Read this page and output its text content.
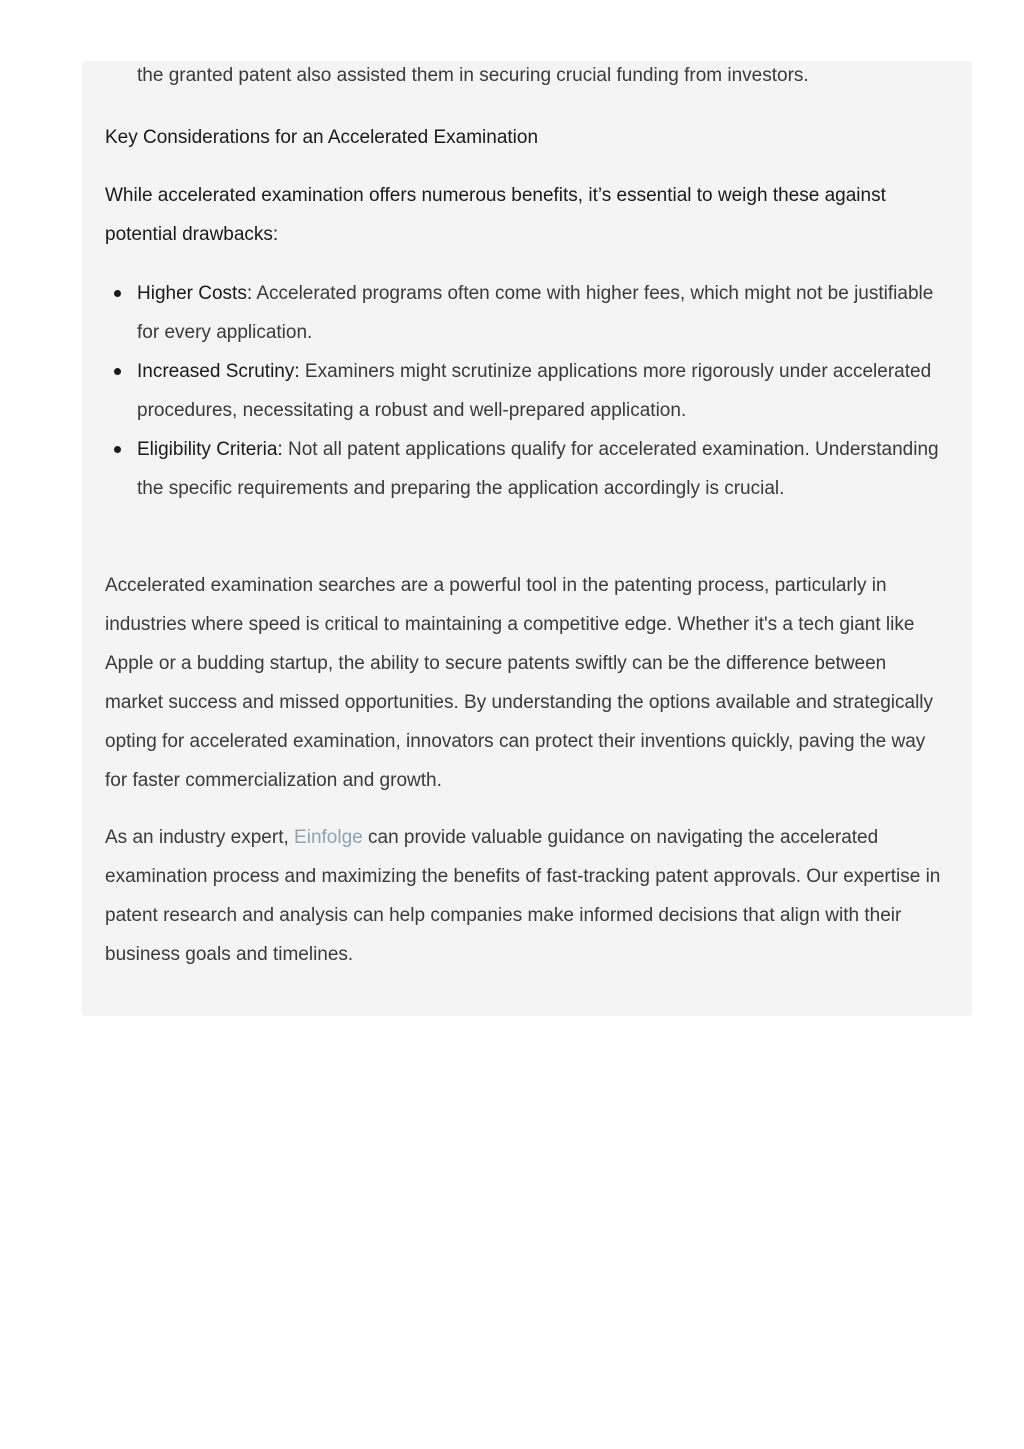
the granted patent also assisted them in securing crucial funding from investors.
Key Considerations for an Accelerated Examination

While accelerated examination offers numerous benefits, it’s essential to weigh these against potential drawbacks:

Higher Costs: Accelerated programs often come with higher fees, which might not be justifiable for every application.
Increased Scrutiny: Examiners might scrutinize applications more rigorously under accelerated procedures, necessitating a robust and well-prepared application.
Eligibility Criteria: Not all patent applications qualify for accelerated examination. Understanding the specific requirements and preparing the application accordingly is crucial.

Accelerated examination searches are a powerful tool in the patenting process, particularly in industries where speed is critical to maintaining a competitive edge. Whether it's a tech giant like Apple or a budding startup, the ability to secure patents swiftly can be the difference between market success and missed opportunities. By understanding the options available and strategically opting for accelerated examination, innovators can protect their inventions quickly, paving the way for faster commercialization and growth.

As an industry expert, Einfolge can provide valuable guidance on navigating the accelerated examination process and maximizing the benefits of fast-tracking patent approvals. Our expertise in patent research and analysis can help companies make informed decisions that align with their business goals and timelines.
